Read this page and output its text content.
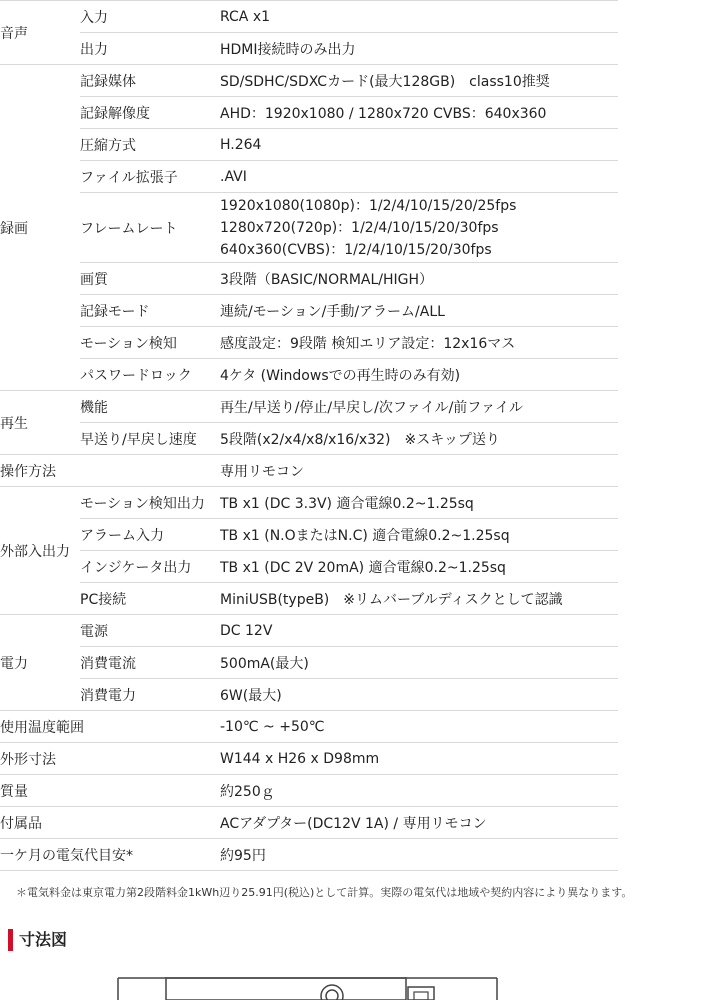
音声	入力	RCA x1
	出力	HDMI接続時のみ出力
録画	記録媒体	SD/SDHC/SDXCカード(最大128GB)　class10推奨
	記録解像度	AHD：1920x1080 / 1280x720 CVBS：640x360
	圧縮方式	H.264
	ファイル拡張子	.AVI
	フレームレート	1920x1080(1080p)：1/2/4/10/15/20/25fps
1280x720(720p)：1/2/4/10/15/20/30fps
640x360(CVBS)：1/2/4/10/15/20/30fps

	画質	3段階（BASIC/NORMAL/HIGH）
	記録モード	連続/モーション/手動/アラーム/ALL
	モーション検知	感度設定：9段階 検知エリア設定：12x16マス
	パスワードロック	4ケタ (Windowsでの再生時のみ有効)
再生	機能	再生/早送り/停止/早戻し/次ファイル/前ファイル
	早送り/早戻し速度	5段階(x2/x4/x8/x16/x32)　※スキップ送り
操作方法		専用リモコン
外部入出力	モーション検知出力	TB x1 (DC 3.3V) 適合電線0.2~1.25sq
	アラーム入力	TB x1 (N.OまたはN.C) 適合電線0.2~1.25sq
	インジケータ出力	TB x1 (DC 2V 20mA) 適合電線0.2~1.25sq
	PC接続	MiniUSB(typeB)　※リムバーブルディスクとして認識
電力	電源	DC 12V
	消費電流	500mA(最大)
	消費電力	6W(最大)
使用温度範囲		-10℃ ~ +50℃
外形寸法		W144 x H26 x D98mm
質量		約250ｇ
付属品		ACアダプター(DC12V 1A) / 専用リモコン
一ケ月の電気代目安*		約95円
＊電気料金は東京電力第2段階料金1kWh辺り25.91円(税込)として計算。実際の電気代は地域や契約内容により異なります。
寸法図
